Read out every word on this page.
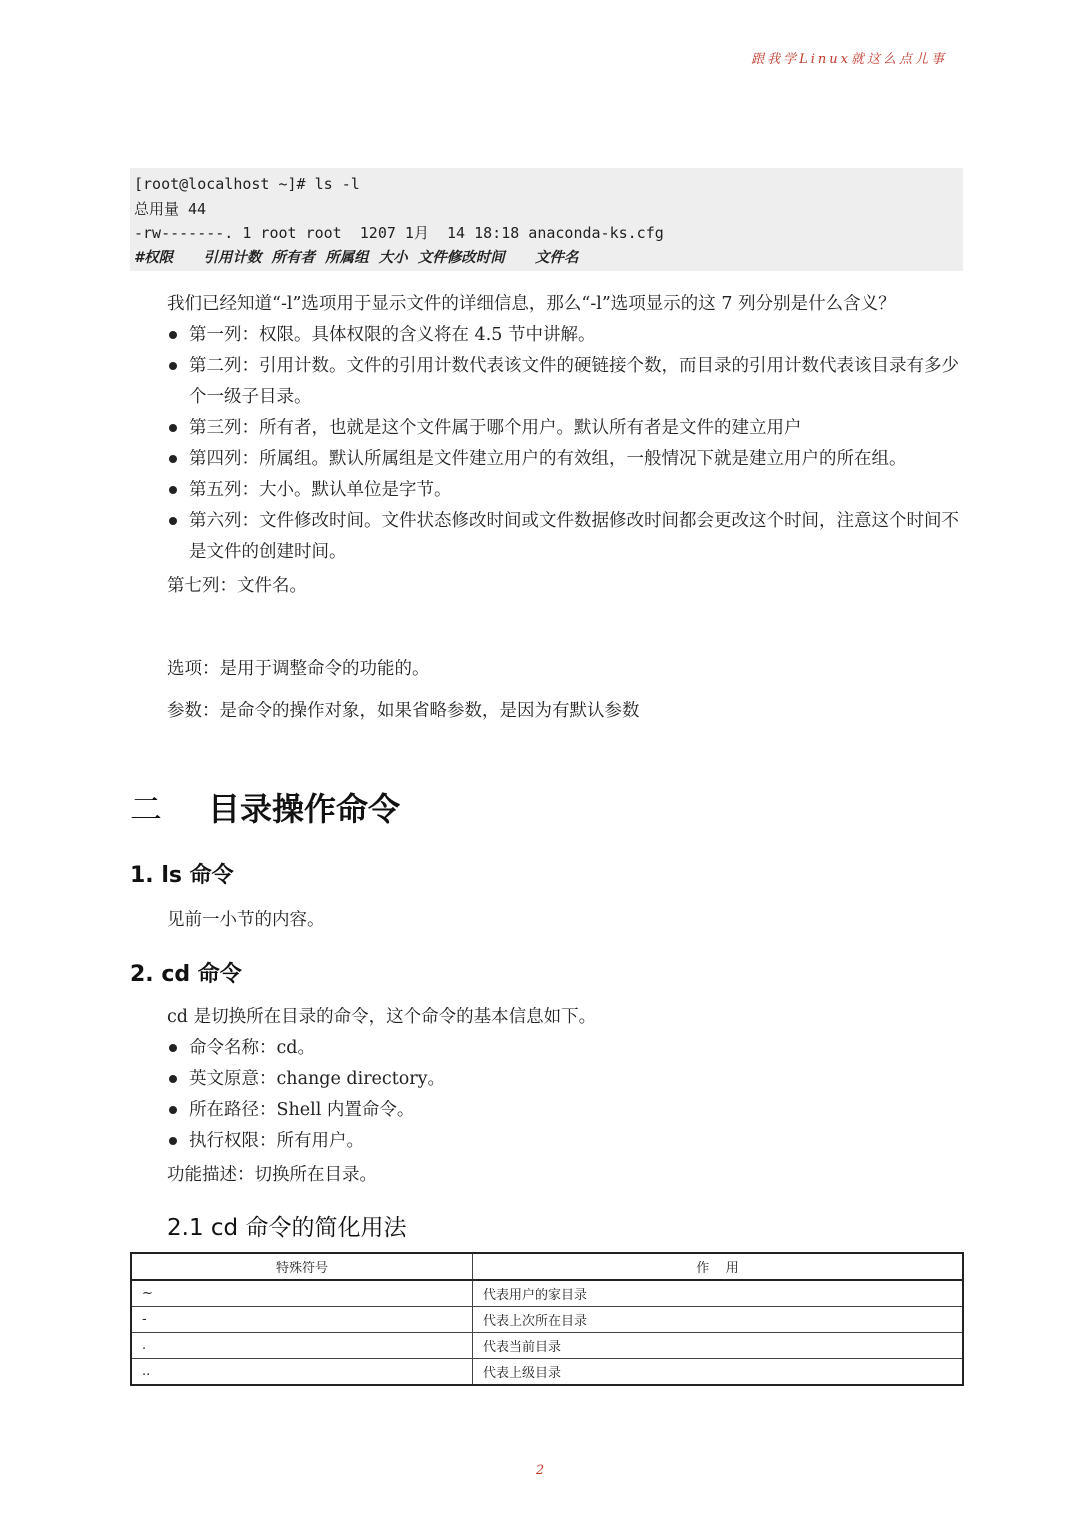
跟我学Linux就这么点儿事
[root@localhost ~]# ls -l
总用量 44
-rw-------. 1 root root  1207 1月  14 18:18 anaconda-ks.cfg
#权限      引用计数  所有者  所属组  大小  文件修改时间      文件名
我们已经知道“-l”选项用于显示文件的详细信息，那么“-l”选项显示的这 7 列分别是什么含义？
第一列：权限。具体权限的含义将在 4.5 节中讲解。
第二列：引用计数。文件的引用计数代表该文件的硬链接个数，而目录的引用计数代表该目录有多少个一级子目录。
第三列：所有者，也就是这个文件属于哪个用户。默认所有者是文件的建立用户
第四列：所属组。默认所属组是文件建立用户的有效组，一般情况下就是建立用户的所在组。
第五列：大小。默认单位是字节。
第六列：文件修改时间。文件状态修改时间或文件数据修改时间都会更改这个时间，注意这个时间不是文件的创建时间。
第七列：文件名。
选项：是用于调整命令的功能的。
参数：是命令的操作对象，如果省略参数，是因为有默认参数
二 目录操作命令
1. ls 命令
见前一小节的内容。
2. cd 命令
cd 是切换所在目录的命令，这个命令的基本信息如下。
命令名称：cd。
英文原意：change directory。
所在路径：Shell 内置命令。
执行权限：所有用户。
功能描述：切换所在目录。
2.1 cd 命令的简化用法
特殊符号	作    用
~	代表用户的家目录
-	代表上次所在目录
.	代表当前目录
..	代表上级目录
2
